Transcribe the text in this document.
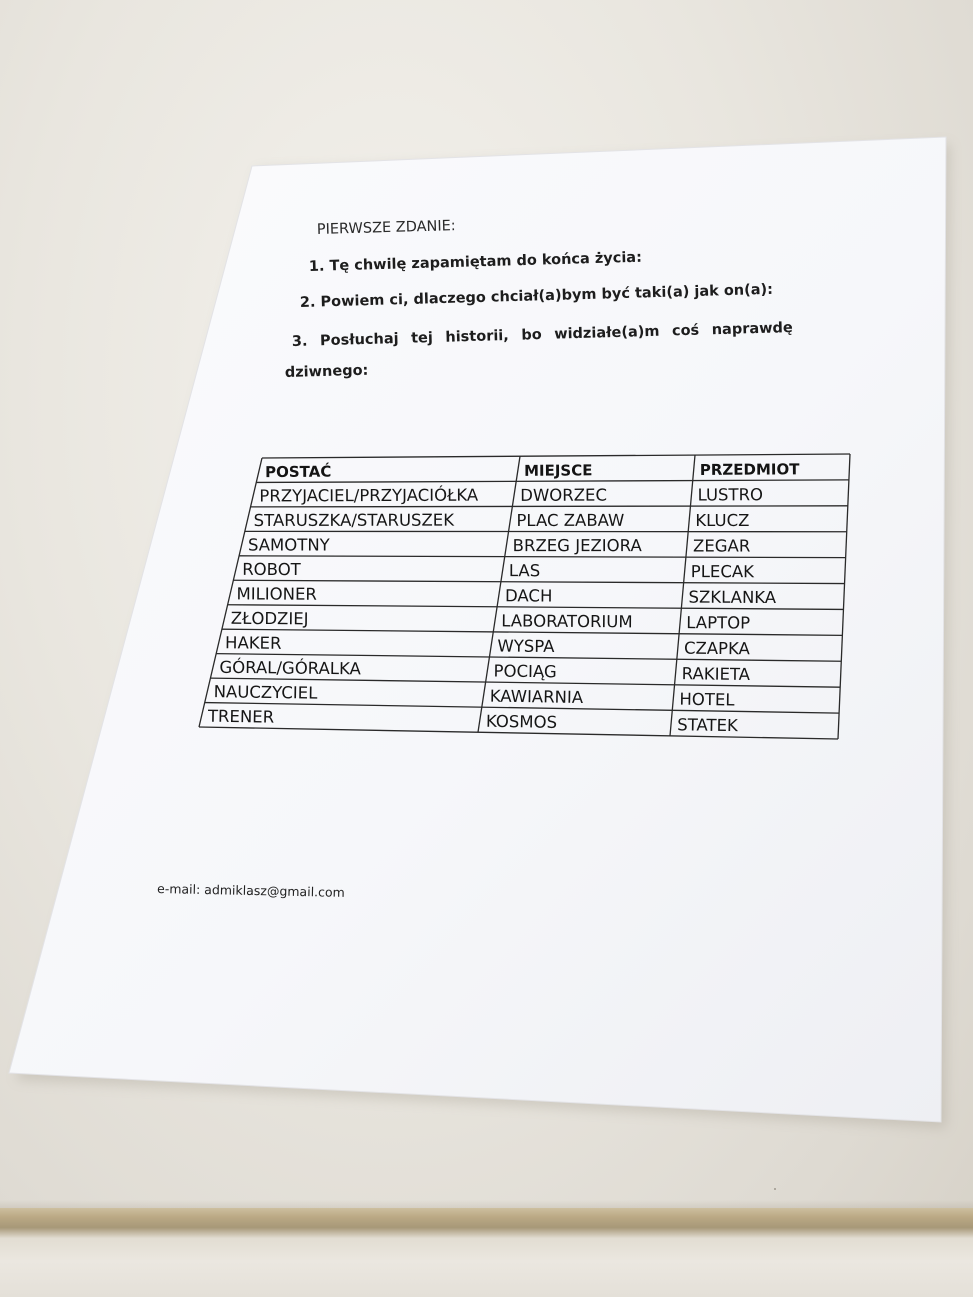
PIERWSZE ZDANIE:
1. Tę chwilę zapamiętam do końca życia:
2. Powiem ci, dlaczego chciał(a)bym być taki(a) jak on(a):
3. Posłuchaj tej historii, bo widziałe(a)m coś naprawdę
dziwnego:
e-mail: admiklasz@gmail.com
POSTAĆ	MIEJSCE	PRZEDMIOT
PRZYJACIEL/PRZYJACIÓŁKA	DWORZEC	LUSTRO
STARUSZKA/STARUSZEK	PLAC ZABAW	KLUCZ
SAMOTNY	BRZEG JEZIORA	ZEGAR
ROBOT	LAS	PLECAK
MILIONER	DACH	SZKLANKA
ZŁODZIEJ	LABORATORIUM	LAPTOP
HAKER	WYSPA	CZAPKA
GÓRAL/GÓRALKA	POCIĄG	RAKIETA
NAUCZYCIEL	KAWIARNIA	HOTEL
TRENER	KOSMOS	STATEK
